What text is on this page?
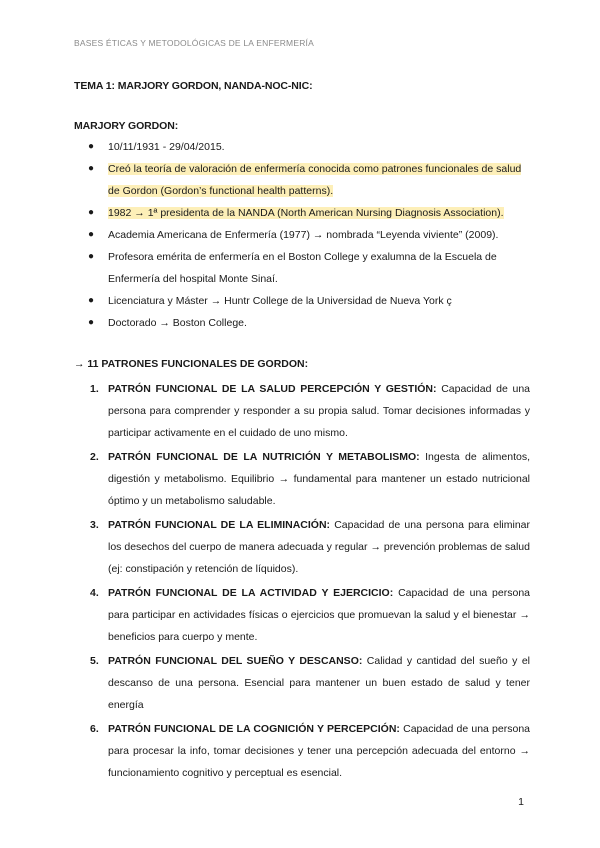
BASES ÉTICAS Y METODOLÓGICAS DE LA ENFERMERÍA
TEMA 1: MARJORY GORDON, NANDA-NOC-NIC:
MARJORY GORDON:
● 10/11/1931 - 29/04/2015.
● Creó la teoría de valoración de enfermería conocida como patrones funcionales de salud de Gordon (Gordon’s functional health patterns).
● 1982 → 1ª presidenta de la NANDA (North American Nursing Diagnosis Association).
● Academia Americana de Enfermería (1977) → nombrada “Leyenda viviente” (2009).
● Profesora emérita de enfermería en el Boston College y exalumna de la Escuela de Enfermería del hospital Monte Sinaí.
● Licenciatura y Máster → Huntr College de la Universidad de Nueva York ç
● Doctorado → Boston College.
→ 11 PATRONES FUNCIONALES DE GORDON:
1. PATRÓN FUNCIONAL DE LA SALUD PERCEPCIÓN Y GESTIÓN: Capacidad de una persona para comprender y responder a su propia salud. Tomar decisiones informadas y participar activamente en el cuidado de uno mismo.
2. PATRÓN FUNCIONAL DE LA NUTRICIÓN Y METABOLISMO: Ingesta de alimentos, digestión y metabolismo. Equilibrio → fundamental para mantener un estado nutricional óptimo y un metabolismo saludable.
3. PATRÓN FUNCIONAL DE LA ELIMINACIÓN: Capacidad de una persona para eliminar los desechos del cuerpo de manera adecuada y regular → prevención problemas de salud (ej: constipación y retención de líquidos).
4. PATRÓN FUNCIONAL DE LA ACTIVIDAD Y EJERCICIO: Capacidad de una persona para participar en actividades físicas o ejercicios que promuevan la salud y el bienestar → beneficios para cuerpo y mente.
5. PATRÓN FUNCIONAL DEL SUEÑO Y DESCANSO: Calidad y cantidad del sueño y el descanso de una persona. Esencial para mantener un buen estado de salud y tener energía
6. PATRÓN FUNCIONAL DE LA COGNICIÓN Y PERCEPCIÓN: Capacidad de una persona para procesar la info, tomar decisiones y tener una percepción adecuada del entorno → funcionamiento cognitivo y perceptual es esencial.
1
